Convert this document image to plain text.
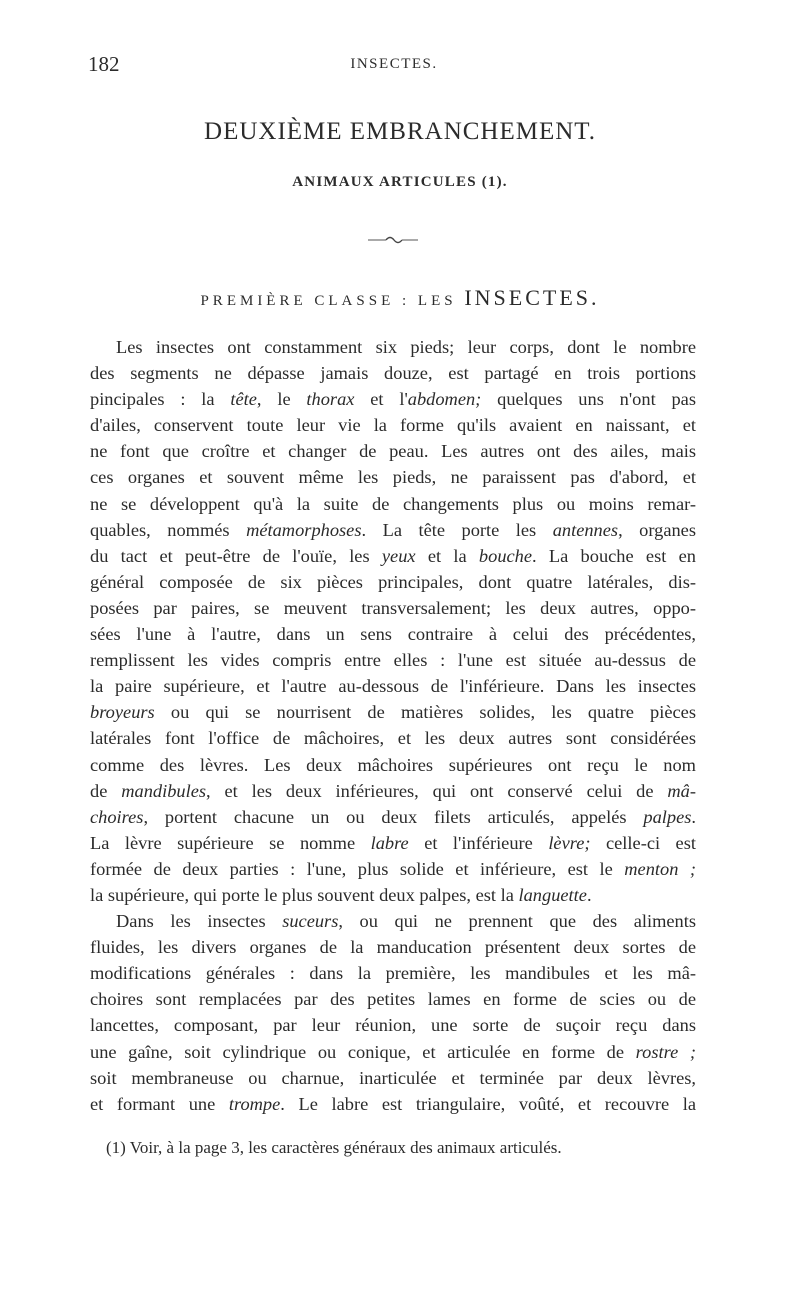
182	INSECTES.
DEUXIÈME EMBRANCHEMENT.
ANIMAUX ARTICULES (1).
PREMIÈRE CLASSE : LES INSECTES.
Les insectes ont constamment six pieds; leur corps, dont le nombre
des segments ne dépasse jamais douze, est partagé en trois portions
pincipales : la tête, le thorax et l'abdomen; quelques uns n'ont pas
d'ailes, conservent toute leur vie la forme qu'ils avaient en naissant, et
ne font que croître et changer de peau. Les autres ont des ailes, mais
ces organes et souvent même les pieds, ne paraissent pas d'abord, et
ne se développent qu'à la suite de changements plus ou moins remar-
quables, nommés métamorphoses. La tête porte les antennes, organes
du tact et peut-être de l'ouïe, les yeux et la bouche. La bouche est en
général composée de six pièces principales, dont quatre latérales, dis-
posées par paires, se meuvent transversalement; les deux autres, oppo-
sées l'une à l'autre, dans un sens contraire à celui des précédentes,
remplissent les vides compris entre elles : l'une est située au-dessus de
la paire supérieure, et l'autre au-dessous de l'inférieure. Dans les insectes
broyeurs ou qui se nourrisent de matières solides, les quatre pièces
latérales font l'office de mâchoires, et les deux autres sont considérées
comme des lèvres. Les deux mâchoires supérieures ont reçu le nom
de mandibules, et les deux inférieures, qui ont conservé celui de mâ-
choires, portent chacune un ou deux filets articulés, appelés palpes.
La lèvre supérieure se nomme labre et l'inférieure lèvre; celle-ci est
formée de deux parties : l'une, plus solide et inférieure, est le menton ;
la supérieure, qui porte le plus souvent deux palpes, est la languette.
Dans les insectes suceurs, ou qui ne prennent que des aliments
fluides, les divers organes de la manducation présentent deux sortes de
modifications générales : dans la première, les mandibules et les mâ-
choires sont remplacées par des petites lames en forme de scies ou de
lancettes, composant, par leur réunion, une sorte de suçoir reçu dans
une gaîne, soit cylindrique ou conique, et articulée en forme de rostre ;
soit membraneuse ou charnue, inarticulée et terminée par deux lèvres,
et formant une trompe. Le labre est triangulaire, voûté, et recouvre la
(1) Voir, à la page 3, les caractères généraux des animaux articulés.
